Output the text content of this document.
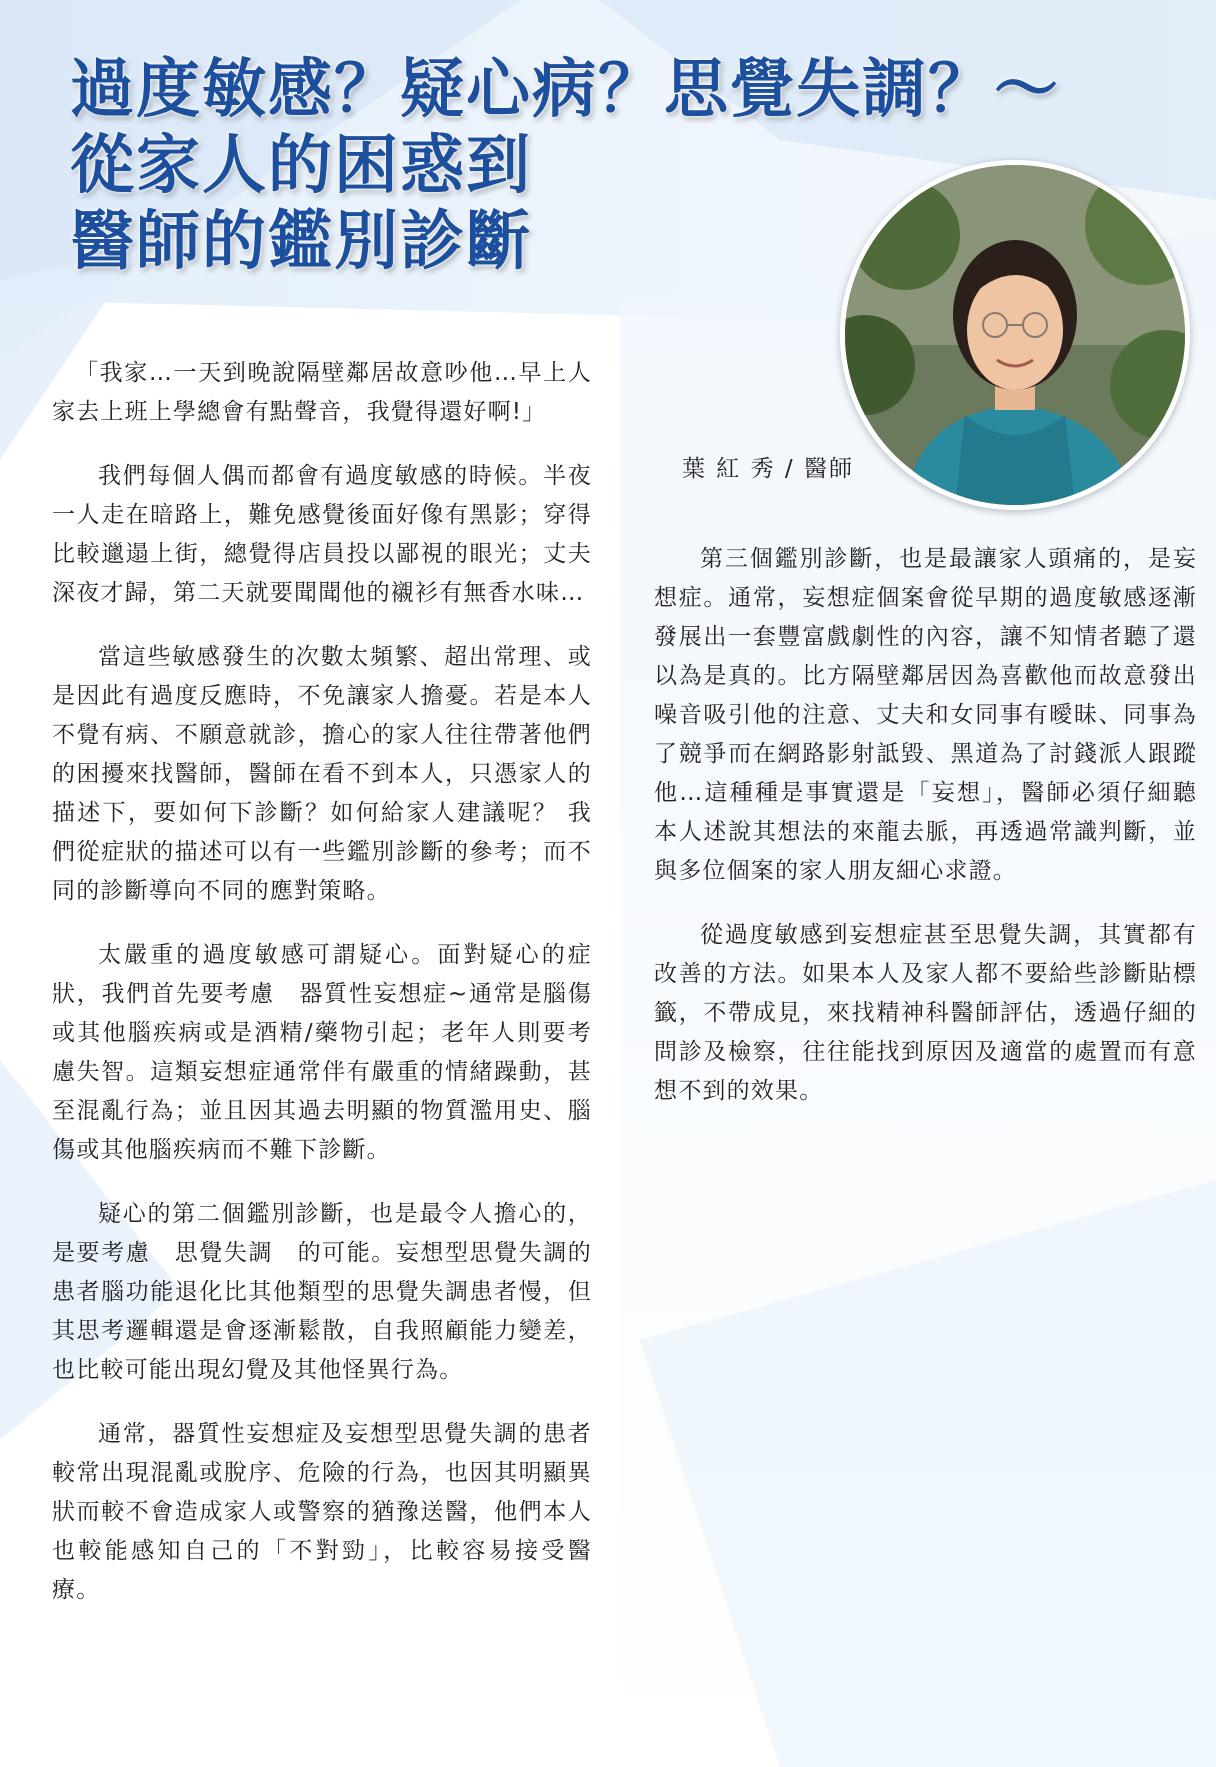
過度敏感？疑心病？思覺失調？～
從家人的困惑到
醫師的鑑別診斷
葉 紅 秀 / 醫師

「我家…一天到晚說隔壁鄰居故意吵他…早上人家去上班上學總會有點聲音，我覺得還好啊!」

我們每個人偶而都會有過度敏感的時候。半夜一人走在暗路上，難免感覺後面好像有黑影；穿得比較邋遢上街，總覺得店員投以鄙視的眼光；丈夫深夜才歸，第二天就要聞聞他的襯衫有無香水味…

當這些敏感發生的次數太頻繁、超出常理、或是因此有過度反應時，不免讓家人擔憂。若是本人不覺有病、不願意就診，擔心的家人往往帶著他們的困擾來找醫師，醫師在看不到本人，只憑家人的描述下，要如何下診斷？如何給家人建議呢？ 我們從症狀的描述可以有一些鑑別診斷的參考；而不同的診斷導向不同的應對策略。

太嚴重的過度敏感可謂疑心。面對疑心的症狀，我們首先要考慮　器質性妄想症~通常是腦傷或其他腦疾病或是酒精/藥物引起；老年人則要考慮失智。這類妄想症通常伴有嚴重的情緒躁動，甚至混亂行為；並且因其過去明顯的物質濫用史、腦傷或其他腦疾病而不難下診斷。

疑心的第二個鑑別診斷，也是最令人擔心的，是要考慮　思覺失調　的可能。妄想型思覺失調的患者腦功能退化比其他類型的思覺失調患者慢，但其思考邏輯還是會逐漸鬆散，自我照顧能力變差，也比較可能出現幻覺及其他怪異行為。

通常，器質性妄想症及妄想型思覺失調的患者較常出現混亂或脫序、危險的行為，也因其明顯異狀而較不會造成家人或警察的猶豫送醫，他們本人也較能感知自己的「不對勁」，比較容易接受醫療。

第三個鑑別診斷，也是最讓家人頭痛的，是妄想症。通常，妄想症個案會從早期的過度敏感逐漸發展出一套豐富戲劇性的內容，讓不知情者聽了還以為是真的。比方隔壁鄰居因為喜歡他而故意發出噪音吸引他的注意、丈夫和女同事有曖昧、同事為了競爭而在網路影射詆毀、黑道為了討錢派人跟蹤他…這種種是事實還是「妄想」，醫師必須仔細聽本人述說其想法的來龍去脈，再透過常識判斷，並與多位個案的家人朋友細心求證。

從過度敏感到妄想症甚至思覺失調，其實都有改善的方法。如果本人及家人都不要給些診斷貼標籤，不帶成見，來找精神科醫師評估，透過仔細的問診及檢察，往往能找到原因及適當的處置而有意想不到的效果。
